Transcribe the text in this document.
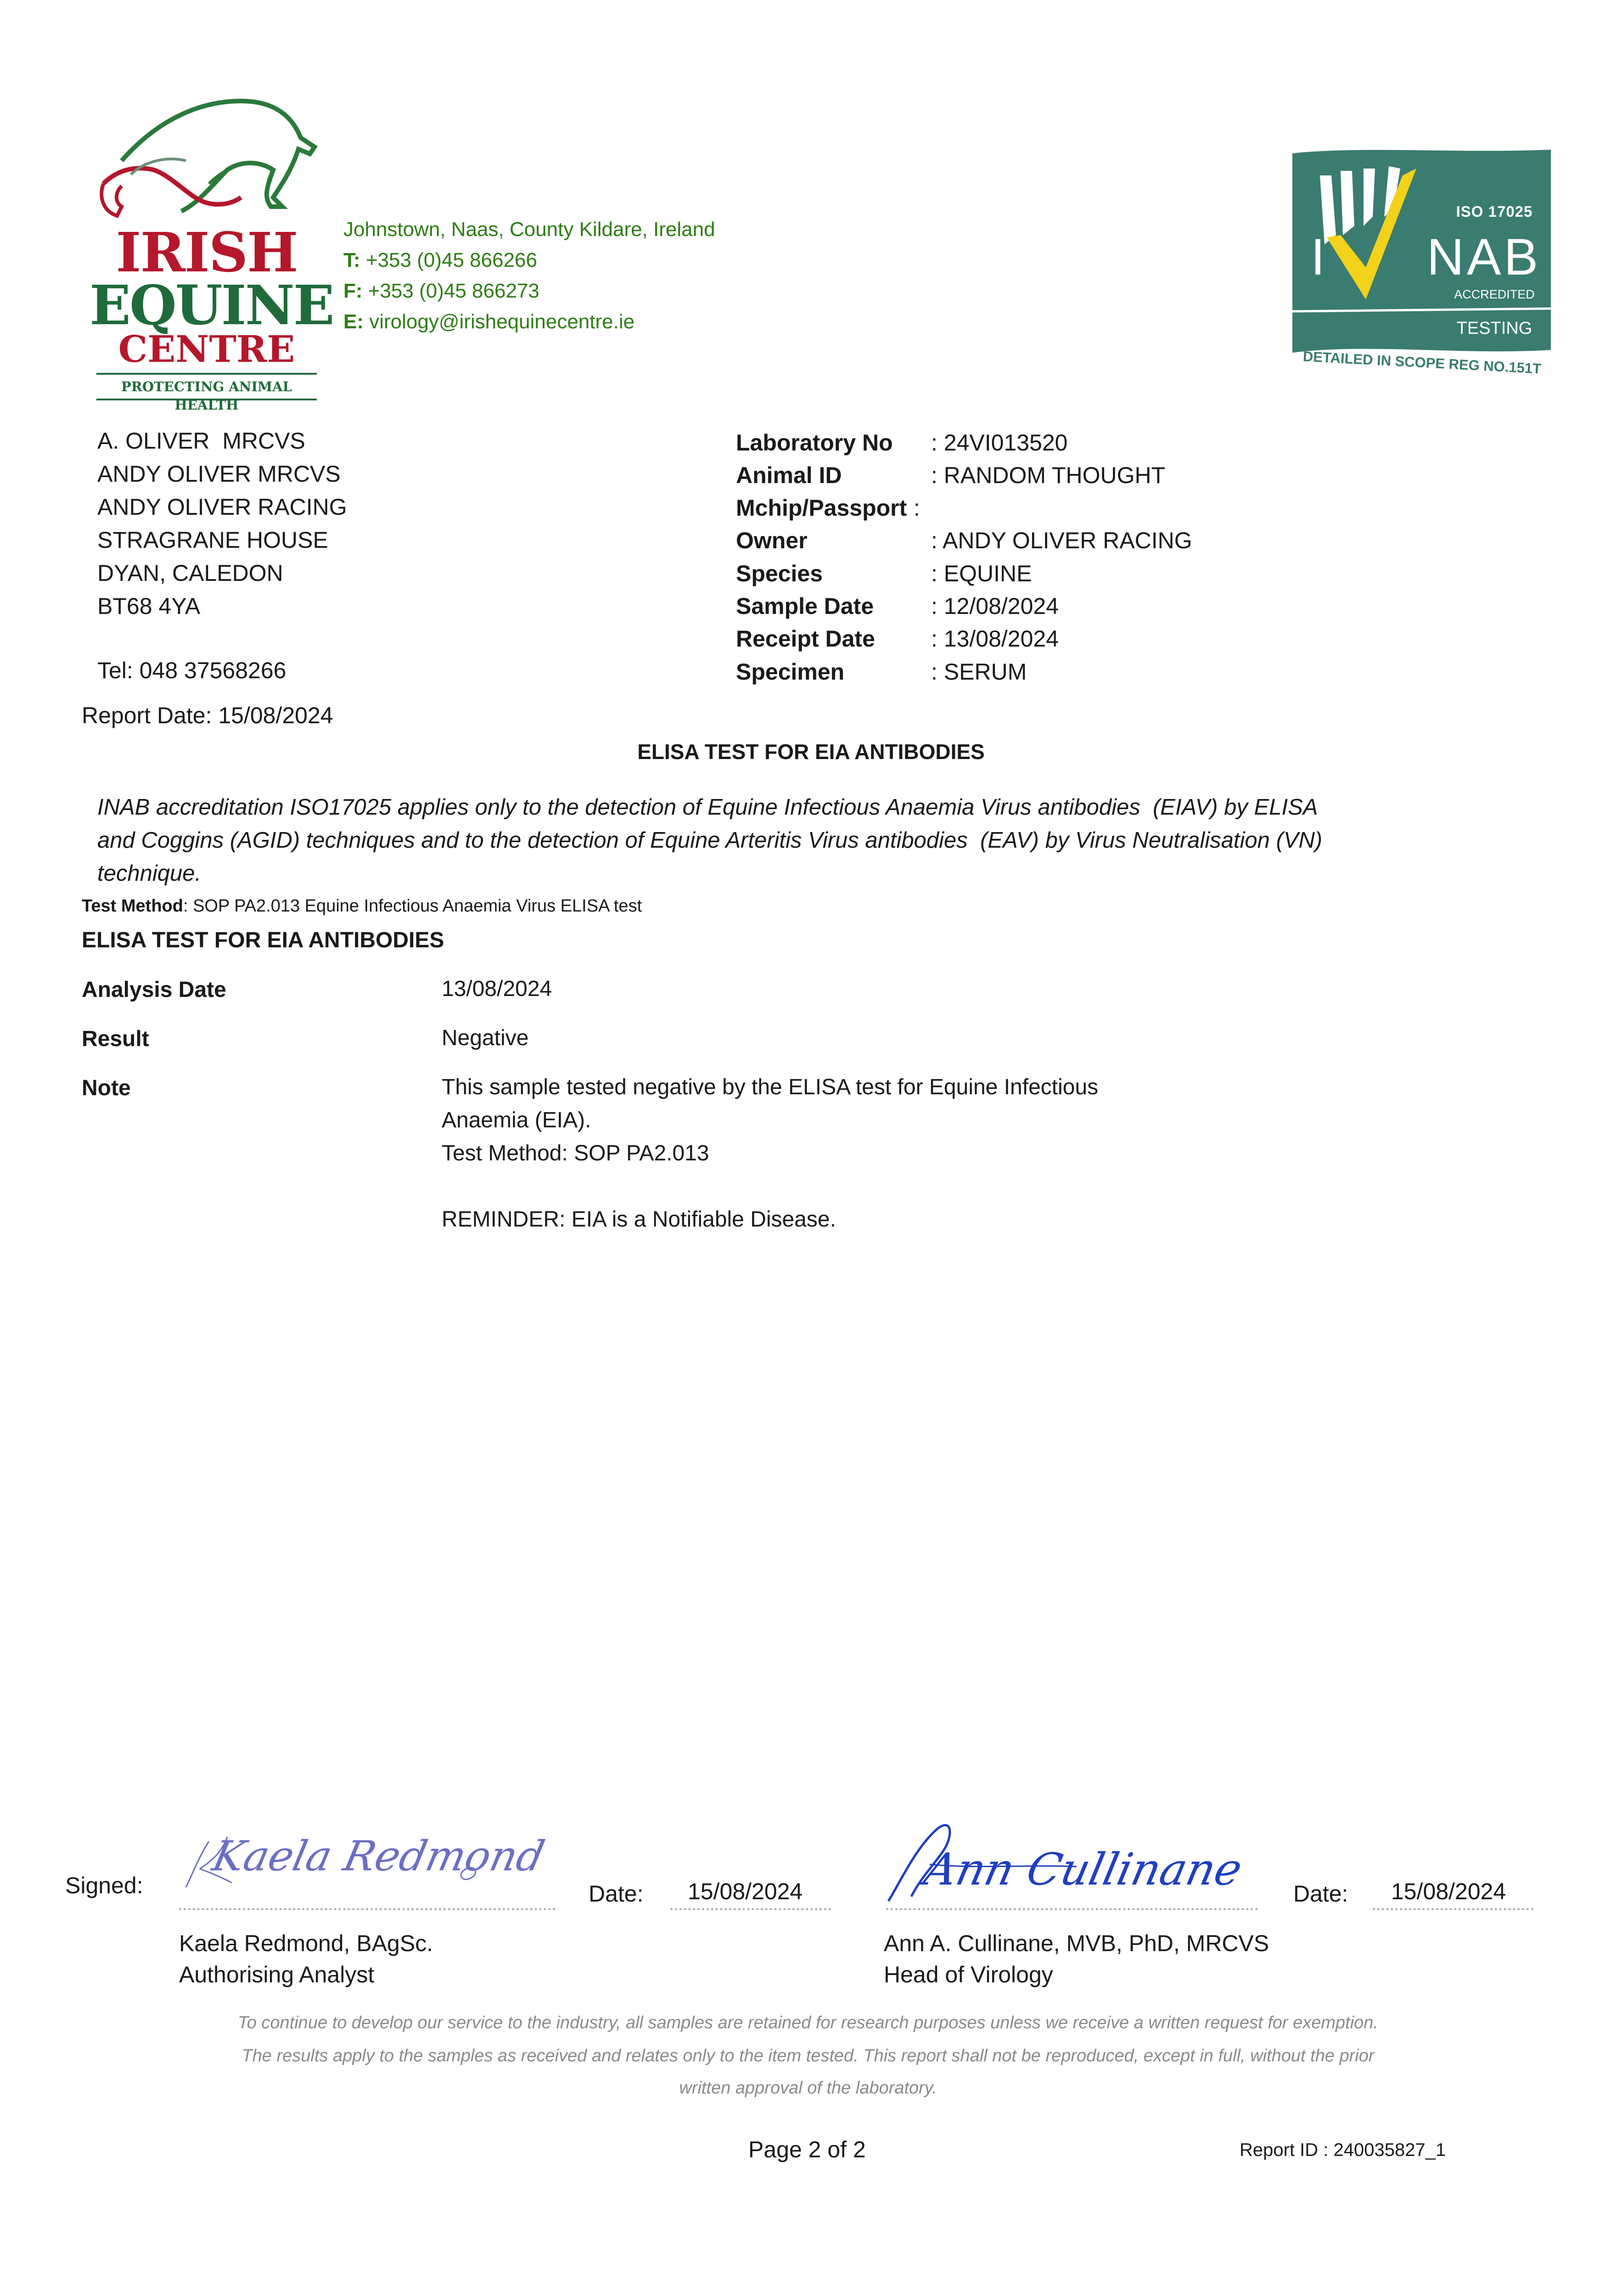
IRISH
EQUINE
CENTRE
PROTECTING ANIMAL HEALTH
Johnstown, Naas, County Kildare, Ireland
T: +353 (0)45 866266
F: +353 (0)45 866273
E: virology@irishequinecentre.ie
ISO 17025
I NAB
ACCREDITED
TESTING
DETAILED IN SCOPE REG NO.151T
A. OLIVER  MRCVS
ANDY OLIVER MRCVS
ANDY OLIVER RACING
STRAGRANE HOUSE
DYAN, CALEDON
BT68 4YA
Tel: 048 37568266
Report Date: 15/08/2024
Laboratory No : 24VI013520
Animal ID	: RANDOM THOUGHT
Mchip/Passport :
Owner	: ANDY OLIVER RACING
Species	: EQUINE
Sample Date : 12/08/2024
Receipt Date : 13/08/2024
Specimen	: SERUM
ELISA TEST FOR EIA ANTIBODIES
INAB accreditation ISO17025 applies only to the detection of Equine Infectious Anaemia Virus antibodies  (EIAV) by ELISA
and Coggins (AGID) techniques and to the detection of Equine Arteritis Virus antibodies  (EAV) by Virus Neutralisation (VN)
technique.
Test Method: SOP PA2.013 Equine Infectious Anaemia Virus ELISA test
ELISA TEST FOR EIA ANTIBODIES
Analysis Date	13/08/2024
Result	Negative
Note	This sample tested negative by the ELISA test for Equine Infectious
Anaemia (EIA).
Test Method: SOP PA2.013
REMINDER: EIA is a Notifiable Disease.
Signed:
Kaela Redmond
Date: 15/08/2024	Ann Cullinane Date: 15/08/2024
Kaela Redmond, BAgSc.
Authorising Analyst
Ann A. Cullinane, MVB, PhD, MRCVS
Head of Virology
To continue to develop our service to the industry, all samples are retained for research purposes unless we receive a written request for exemption.
The results apply to the samples as received and relates only to the item tested. This report shall not be reproduced, except in full, without the prior
written approval of the laboratory.
Page 2 of 2	Report ID : 240035827_1
